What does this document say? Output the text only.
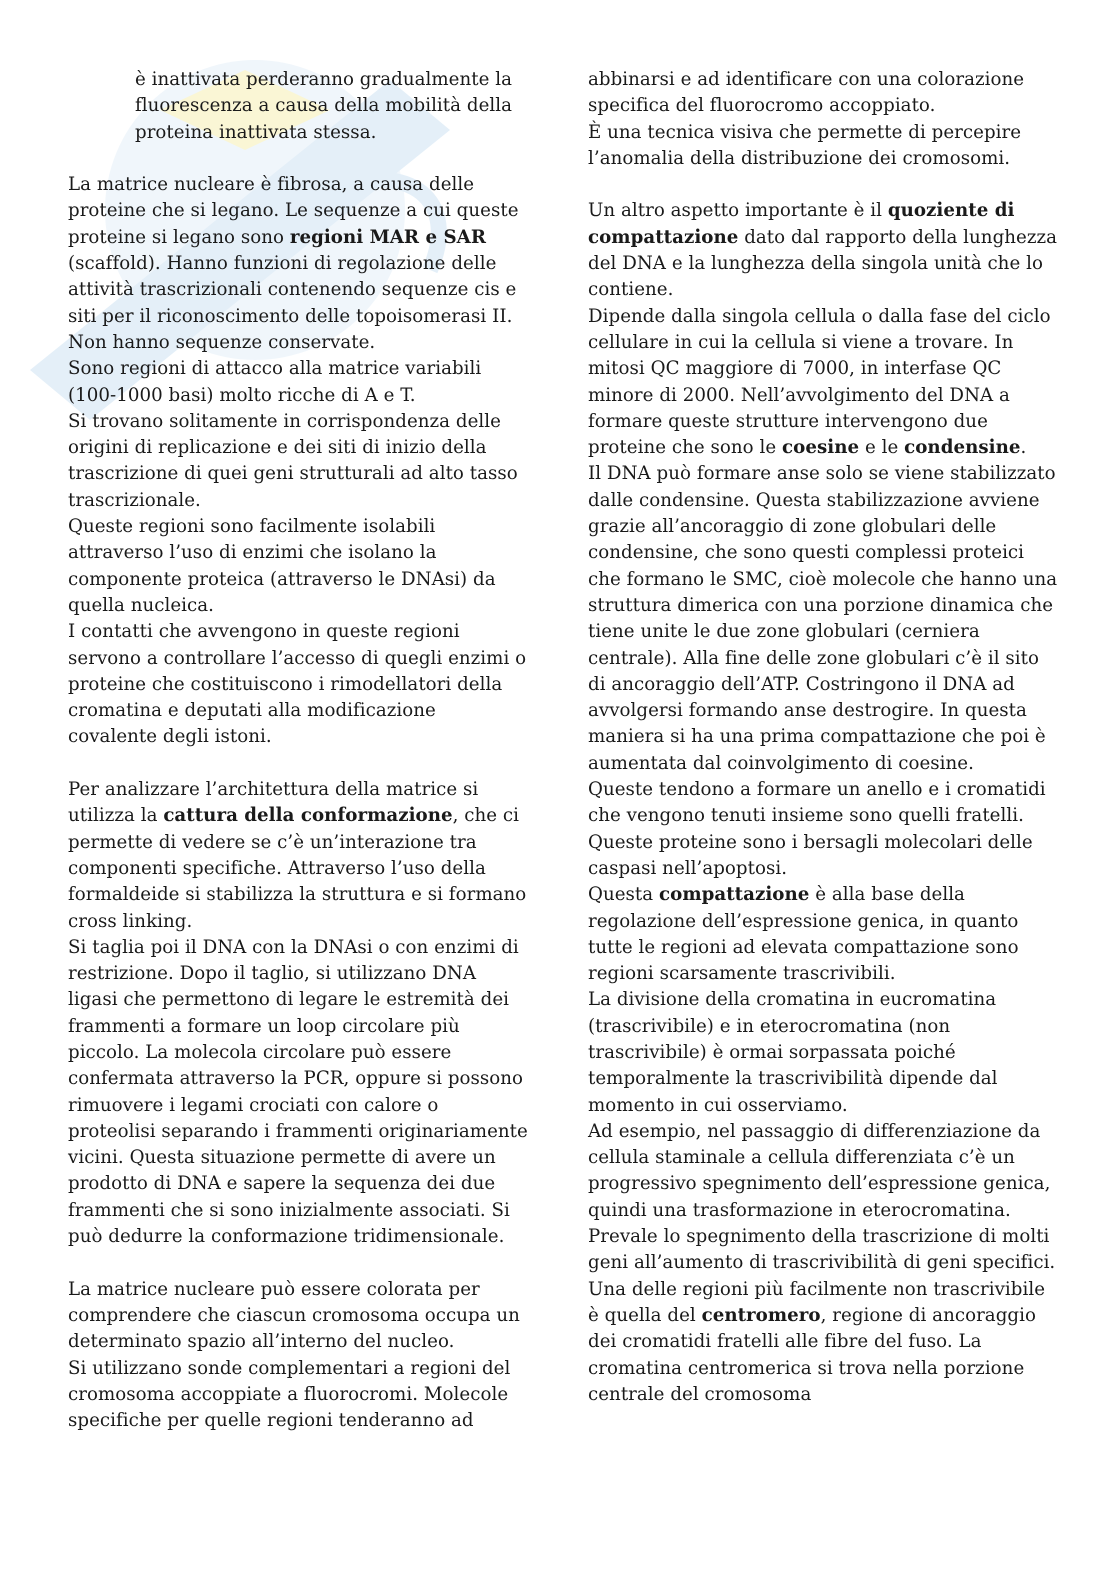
è inattivata perderanno gradualmente la fluorescenza a causa della mobilità della proteina inattivata stessa.

La matrice nucleare è fibrosa, a causa delle proteine che si legano. Le sequenze a cui queste proteine si legano sono regioni MAR e SAR (scaffold). Hanno funzioni di regolazione delle attività trascrizionali contenendo sequenze cis e siti per il riconoscimento delle topoisomerasi II. Non hanno sequenze conservate.

Sono regioni di attacco alla matrice variabili (100-1000 basi) molto ricche di A e T.

Si trovano solitamente in corrispondenza delle origini di replicazione e dei siti di inizio della trascrizione di quei geni strutturali ad alto tasso trascrizionale.

Queste regioni sono facilmente isolabili attraverso l’uso di enzimi che isolano la componente proteica (attraverso le DNAsi) da quella nucleica.

I contatti che avvengono in queste regioni servono a controllare l’accesso di quegli enzimi o proteine che costituiscono i rimodellatori della cromatina e deputati alla modificazione covalente degli istoni.

Per analizzare l’architettura della matrice si utilizza la cattura della conformazione, che ci permette di vedere se c’è un’interazione tra componenti specifiche. Attraverso l’uso della formaldeide si stabilizza la struttura e si formano cross linking.

Si taglia poi il DNA con la DNAsi o con enzimi di restrizione. Dopo il taglio, si utilizzano DNA ligasi che permettono di legare le estremità dei frammenti a formare un loop circolare più piccolo. La molecola circolare può essere confermata attraverso la PCR, oppure si possono rimuovere i legami crociati con calore o proteolisi separando i frammenti originariamente vicini. Questa situazione permette di avere un prodotto di DNA e sapere la sequenza dei due frammenti che si sono inizialmente associati. Si può dedurre la conformazione tridimensionale.

La matrice nucleare può essere colorata per comprendere che ciascun cromosoma occupa un determinato spazio all’interno del nucleo.

Si utilizzano sonde complementari a regioni del cromosoma accoppiate a fluorocromi. Molecole specifiche per quelle regioni tenderanno ad

abbinarsi e ad identificare con una colorazione specifica del fluorocromo accoppiato.

È una tecnica visiva che permette di percepire l’anomalia della distribuzione dei cromosomi.

Un altro aspetto importante è il quoziente di compattazione dato dal rapporto della lunghezza del DNA e la lunghezza della singola unità che lo contiene.

Dipende dalla singola cellula o dalla fase del ciclo cellulare in cui la cellula si viene a trovare. In mitosi QC maggiore di 7000, in interfase QC minore di 2000. Nell’avvolgimento del DNA a formare queste strutture intervengono due proteine che sono le coesine e le condensine.

Il DNA può formare anse solo se viene stabilizzato dalle condensine. Questa stabilizzazione avviene grazie all’ancoraggio di zone globulari delle condensine, che sono questi complessi proteici che formano le SMC, cioè molecole che hanno una struttura dimerica con una porzione dinamica che tiene unite le due zone globulari (cerniera centrale). Alla fine delle zone globulari c’è il sito di ancoraggio dell’ATP. Costringono il DNA ad avvolgersi formando anse destrogire. In questa maniera si ha una prima compattazione che poi è aumentata dal coinvolgimento di coesine.

Queste tendono a formare un anello e i cromatidi che vengono tenuti insieme sono quelli fratelli.

Queste proteine sono i bersagli molecolari delle caspasi nell’apoptosi.

Questa compattazione è alla base della regolazione dell’espressione genica, in quanto tutte le regioni ad elevata compattazione sono regioni scarsamente trascrivibili.

La divisione della cromatina in eucromatina (trascrivibile) e in eterocromatina (non trascrivibile) è ormai sorpassata poiché temporalmente la trascrivibilità dipende dal momento in cui osserviamo.

Ad esempio, nel passaggio di differenziazione da cellula staminale a cellula differenziata c’è un progressivo spegnimento dell’espressione genica, quindi una trasformazione in eterocromatina. Prevale lo spegnimento della trascrizione di molti geni all’aumento di trascrivibilità di geni specifici.

Una delle regioni più facilmente non trascrivibile è quella del centromero, regione di ancoraggio dei cromatidi fratelli alle fibre del fuso. La cromatina centromerica si trova nella porzione centrale del cromosoma
